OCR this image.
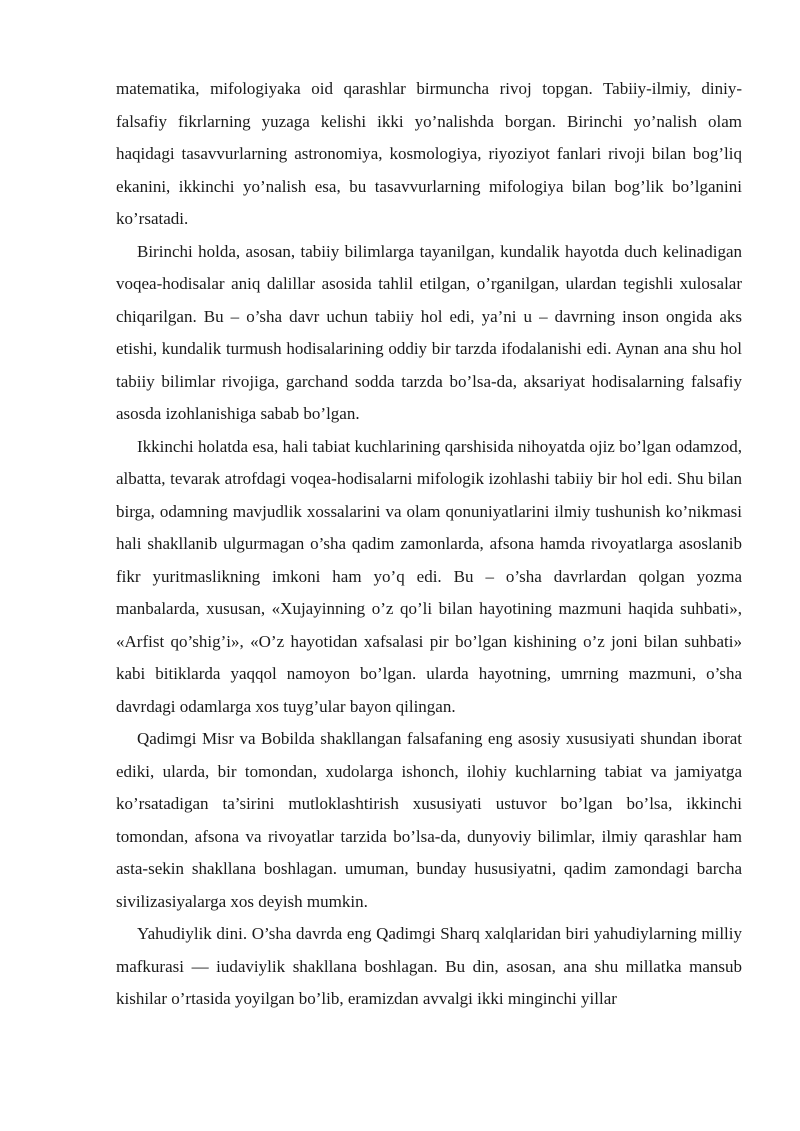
matematika, mifologiyaka oid qarashlar birmuncha rivoj topgan. Tabiiy-ilmiy, diniy-falsafiy fikrlarning yuzaga kelishi ikki yo’nalishda borgan. Birinchi yo’nalish olam haqidagi tasavvurlarning astronomiya, kosmologiya, riyoziyot fanlari rivoji bilan bog’liq ekanini, ikkinchi yo’nalish esa, bu tasavvurlarning mifologiya bilan bog’lik bo’lganini ko’rsatadi.

Birinchi holda, asosan, tabiiy bilimlarga tayanilgan, kundalik hayotda duch kelinadigan voqea-hodisalar aniq dalillar asosida tahlil etilgan, o’rganilgan, ulardan tegishli xulosalar chiqarilgan. Bu – o’sha davr uchun tabiiy hol edi, ya’ni u – davrning inson ongida aks etishi, kundalik turmush hodisalarining oddiy bir tarzda ifodalanishi edi. Aynan ana shu hol tabiiy bilimlar rivojiga, garchand sodda tarzda bo’lsa-da, aksariyat hodisalarning falsafiy asosda izohlanishiga sabab bo’lgan.

Ikkinchi holatda esa, hali tabiat kuchlarining qarshisida nihoyatda ojiz bo’lgan odamzod, albatta, tevarak atrofdagi voqea-hodisalarni mifologik izohlashi tabiiy bir hol edi. Shu bilan birga, odamning mavjudlik xossalarini va olam qonuniyatlarini ilmiy tushunish ko’nikmasi hali shakllanib ulgurmagan o’sha qadim zamonlarda, afsona hamda rivoyatlarga asoslanib fikr yuritmaslikning imkoni ham yo’q edi. Bu – o’sha davrlardan qolgan yozma manbalarda, xususan, «Xujayinning o’z qo’li bilan hayotining mazmuni haqida suhbati», «Arfist qo’shig’i», «O’z hayotidan xafsalasi pir bo’lgan kishining o’z joni bilan suhbati» kabi bitiklarda yaqqol namoyon bo’lgan. ularda hayotning, umrning mazmuni, o’sha davrdagi odamlarga xos tuyg’ular bayon qilingan.

Qadimgi Misr va Bobilda shakllangan falsafaning eng asosiy xususiyati shundan iborat ediki, ularda, bir tomondan, xudolarga ishonch, ilohiy kuchlarning tabiat va jamiyatga ko’rsatadigan ta’sirini mutloklashtirish xususiyati ustuvor bo’lgan bo’lsa, ikkinchi tomondan, afsona va rivoyatlar tarzida bo’lsa-da, dunyoviy bilimlar, ilmiy qarashlar ham asta-sekin shakllana boshlagan. umuman, bunday hususiyatni, qadim zamondagi barcha sivilizasiyalarga xos deyish mumkin.

Yahudiylik dini. O’sha davrda eng Qadimgi Sharq xalqlaridan biri yahudiylarning milliy mafkurasi — iudaviylik shakllana boshlagan. Bu din, asosan, ana shu millatka mansub kishilar o’rtasida yoyilgan bo’lib, eramizdan avvalgi ikki minginchi yillar
